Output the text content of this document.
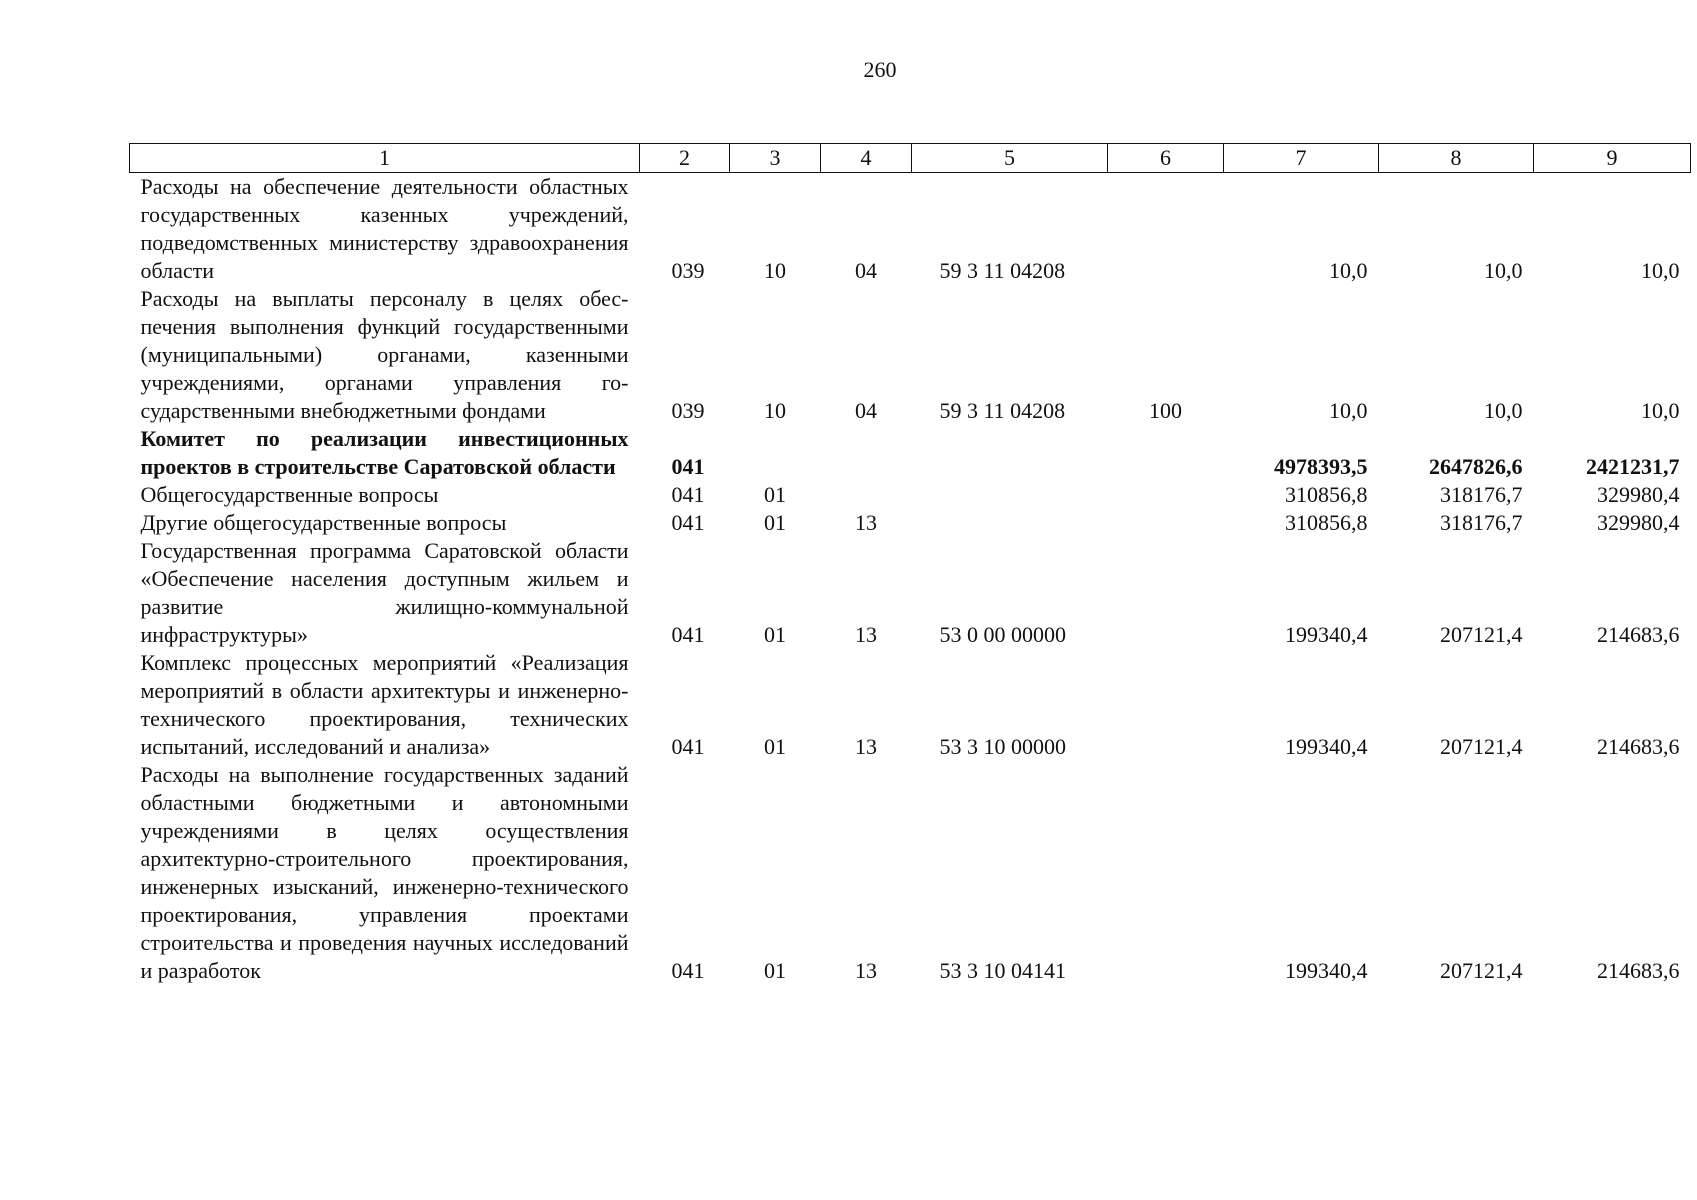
260
1	2	3	4	5	6	7	8	9
Расходы на обеспечение деятельности областных государственных казенных учреждений, подведомственных министерству здравоохранения области	039	10	04	59 3 11 04208		10,0	10,0	10,0
Расходы на выплаты персоналу в целях обеспечения выполнения функций государственными (муниципальными) органами, казенными учреждениями, органами управления государственными внебюджетными фондами	039	10	04	59 3 11 04208	100	10,0	10,0	10,0
Комитет по реализации инвестиционных проектов в строительстве Саратовской области	041					4978393,5	2647826,6	2421231,7
Общегосударственные вопросы	041	01				310856,8	318176,7	329980,4
Другие общегосударственные вопросы	041	01	13			310856,8	318176,7	329980,4
Государственная программа Саратовской области «Обеспечение населения доступным жильем и развитие жилищно-коммунальной инфраструктуры»	041	01	13	53 0 00 00000		199340,4	207121,4	214683,6
Комплекс процессных мероприятий «Реализация мероприятий в области архитектуры и инженерно-технического проектирования, технических испытаний, исследований и анализа»	041	01	13	53 3 10 00000		199340,4	207121,4	214683,6
Расходы на выполнение государственных заданий областными бюджетными и автономными учреждениями в целях осуществления архитектурно-строительного проектирования, инженерных изысканий, инженерно-технического проектирования, управления проектами строительства и проведения научных исследований и разработок	041	01	13	53 3 10 04141		199340,4	207121,4	214683,6
